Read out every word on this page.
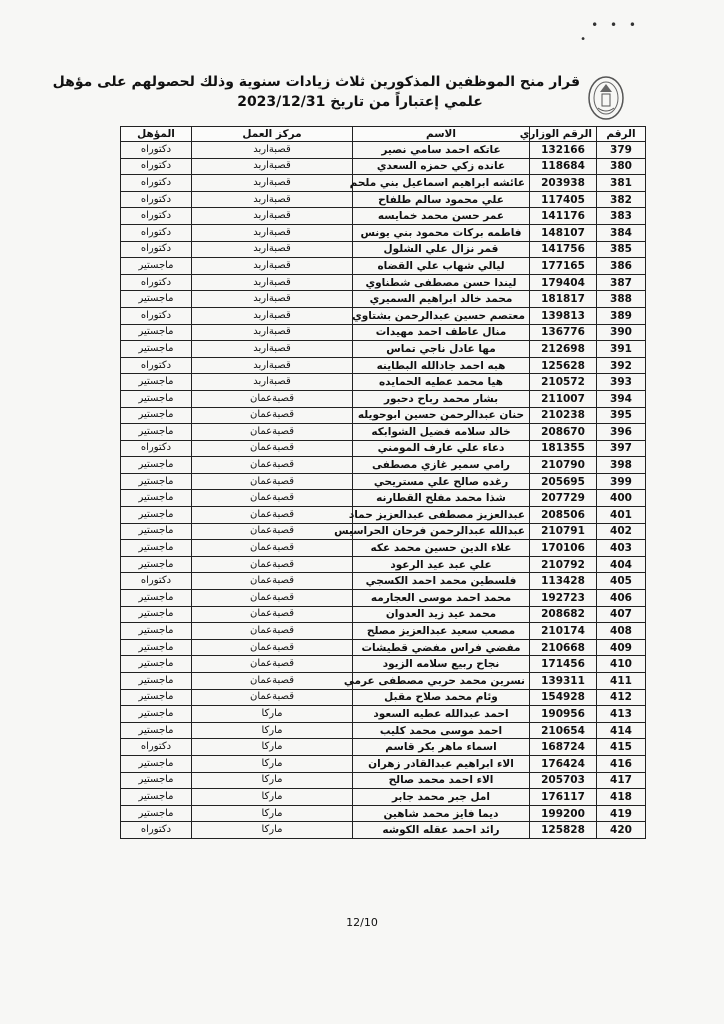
• • •
•
قرار منح الموظفين المذكورين ثلاث زيادات سنوية وذلك لحصولهم على مؤهل
علمي إعتباراً من تاريخ 2023/12/31
الرقم	الرقم الوزاري	الاسم	مركز العمل	المؤهل
379	132166	عاتكه احمد سامي نصير	قصبةاربد	دكتوراه
380	118684	عانده زكي حمزه السعدي	قصبةاربد	دكتوراه
381	203938	عائشه ابراهيم اسماعيل بني ملحم	قصبةاربد	دكتوراه
382	117405	علي محمود سالم طلفاح	قصبةاربد	دكتوراه
383	141176	عمر حسن محمد خمايسه	قصبةاربد	دكتوراه
384	148107	فاطمه بركات محمود بني يونس	قصبةاربد	دكتوراه
385	141756	قمر نزال علي الشلول	قصبةاربد	دكتوراه
386	177165	ليالي شهاب علي القضاه	قصبةاربد	ماجستير
387	179404	ليندا حسن مصطفى شطناوي	قصبةاربد	دكتوراه
388	181817	محمد خالد ابراهيم السميري	قصبةاربد	ماجستير
389	139813	معتصم حسين عبدالرحمن بشتاوي	قصبةاربد	دكتوراه
390	136776	منال عاطف احمد مهيدات	قصبةاربد	ماجستير
391	212698	مها عادل ناجي تماس	قصبةاربد	ماجستير
392	125628	هبه احمد جادالله البطاينه	قصبةاربد	دكتوراه
393	210572	هيا محمد عطيه الحمايده	قصبةاربد	ماجستير
394	211007	بشار محمد رباح دحبور	قصبةعمان	ماجستير
395	210238	حنان عبدالرحمن حسين ابوحويله	قصبةعمان	ماجستير
396	208670	خالد سلامه فضيل الشوابكه	قصبةعمان	ماجستير
397	181355	دعاء علي عارف المومني	قصبةعمان	دكتوراه
398	210790	رامي سمير غازي مصطفى	قصبةعمان	ماجستير
399	205695	رغده صالح علي مستريحي	قصبةعمان	ماجستير
400	207729	شذا محمد مفلح القطارنه	قصبةعمان	ماجستير
401	208506	عبدالعزيز مصطفى عبدالعزيز حماد	قصبةعمان	ماجستير
402	210791	عبدالله عبدالرحمن فرحان الحراسيس	قصبةعمان	ماجستير
403	170106	علاء الدين حسين محمد عكه	قصبةعمان	ماجستير
404	210792	علي عبد عيد الرعود	قصبةعمان	ماجستير
405	113428	فلسطين محمد احمد الكسجي	قصبةعمان	دكتوراه
406	192723	محمد احمد موسى العجارمه	قصبةعمان	ماجستير
407	208682	محمد عيد زيد العدوان	قصبةعمان	ماجستير
408	210174	مصعب سعيد عبدالعزيز مصلح	قصبةعمان	ماجستير
409	210668	مفضي فراس مفضي قطيشات	قصبةعمان	ماجستير
410	171456	نجاح ربيع سلامه الزيود	قصبةعمان	ماجستير
411	139311	نسرين محمد حربي مصطفى عرمي	قصبةعمان	ماجستير
412	154928	وئام محمد صلاح مقبل	قصبةعمان	ماجستير
413	190956	احمد عبدالله عطيه السعود	ماركا	ماجستير
414	210654	احمد موسى محمد كليب	ماركا	ماجستير
415	168724	اسماء ماهر بكر قاسم	ماركا	دكتوراه
416	176424	الاء ابراهيم عبدالقادر زهران	ماركا	ماجستير
417	205703	الاء احمد محمد صالح	ماركا	ماجستير
418	176117	امل جبر محمد جابر	ماركا	ماجستير
419	199200	ديما فايز محمد شاهين	ماركا	ماجستير
420	125828	رائد احمد عقله الكوشه	ماركا	دكتوراه
12/10
